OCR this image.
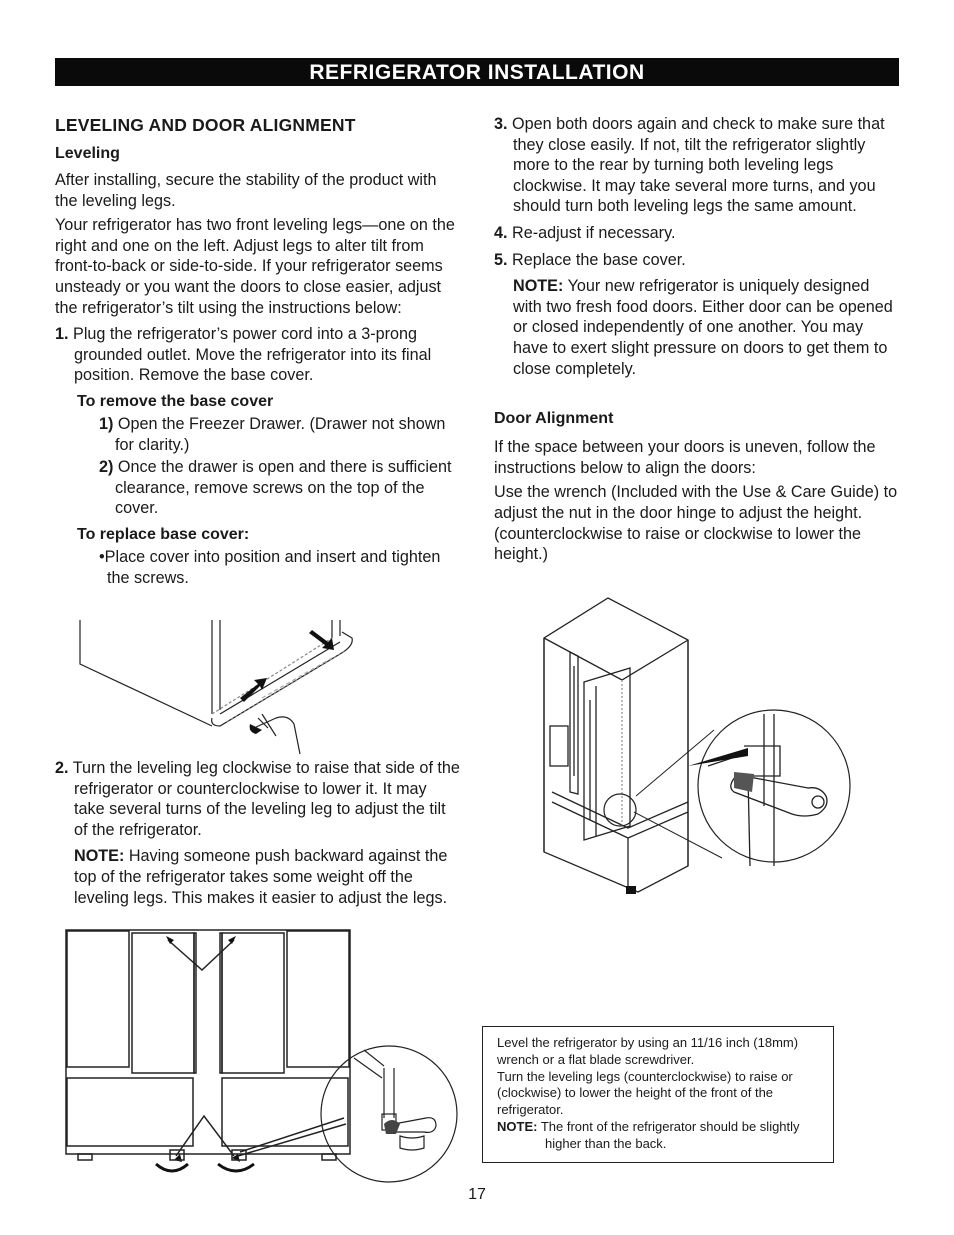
REFRIGERATOR INSTALLATION
LEVELING AND DOOR ALIGNMENT
Leveling

After installing, secure the stability of the product with the leveling legs.

Your refrigerator has two front leveling legs—one on the right and one on the left. Adjust legs to alter tilt from front-to-back or side-to-side. If your refrigerator seems unsteady or you want the doors to close easier, adjust the refrigerator’s tilt using the instructions below:

1. Plug the refrigerator’s power cord into a 3-prong grounded outlet. Move the refrigerator into its final position. Remove the base cover.

To remove the base cover

1) Open the Freezer Drawer. (Drawer not shown for clarity.)

2) Once the drawer is open and there is sufficient clearance, remove screws on the top of the cover.

To replace base cover:

•Place cover into position and insert and tighten the screws.

2. Turn the leveling leg clockwise to raise that side of the refrigerator or counterclockwise to lower it. It may take several turns of the leveling leg to adjust the tilt of the refrigerator.

NOTE: Having someone push backward against the top of the refrigerator takes some weight off the leveling legs. This makes it easier to adjust the legs.

3. Open both doors again and check to make sure that they close easily. If not, tilt the refrigerator slightly more to the rear by turning both leveling legs clockwise. It may take several more turns, and you should turn both leveling legs the same amount.

4. Re-adjust if necessary.

5. Replace the base cover.

NOTE: Your new refrigerator is uniquely designed with two fresh food doors. Either door can be opened or closed independently of one another. You may have to exert slight pressure on doors to get them to close completely.

Door Alignment

If the space between your doors is uneven, follow the instructions below to align the doors:

Use the wrench (Included with the Use & Care Guide) to adjust the nut in the door hinge to adjust the height. (counterclockwise to raise or clockwise to lower the height.)

Level the refrigerator by using an 11/16 inch (18mm) wrench or a flat blade screwdriver.

Turn the leveling legs (counterclockwise) to raise or (clockwise) to lower the height of the front of the refrigerator.

NOTE: The front of the refrigerator should be slightly higher than the back.

17
